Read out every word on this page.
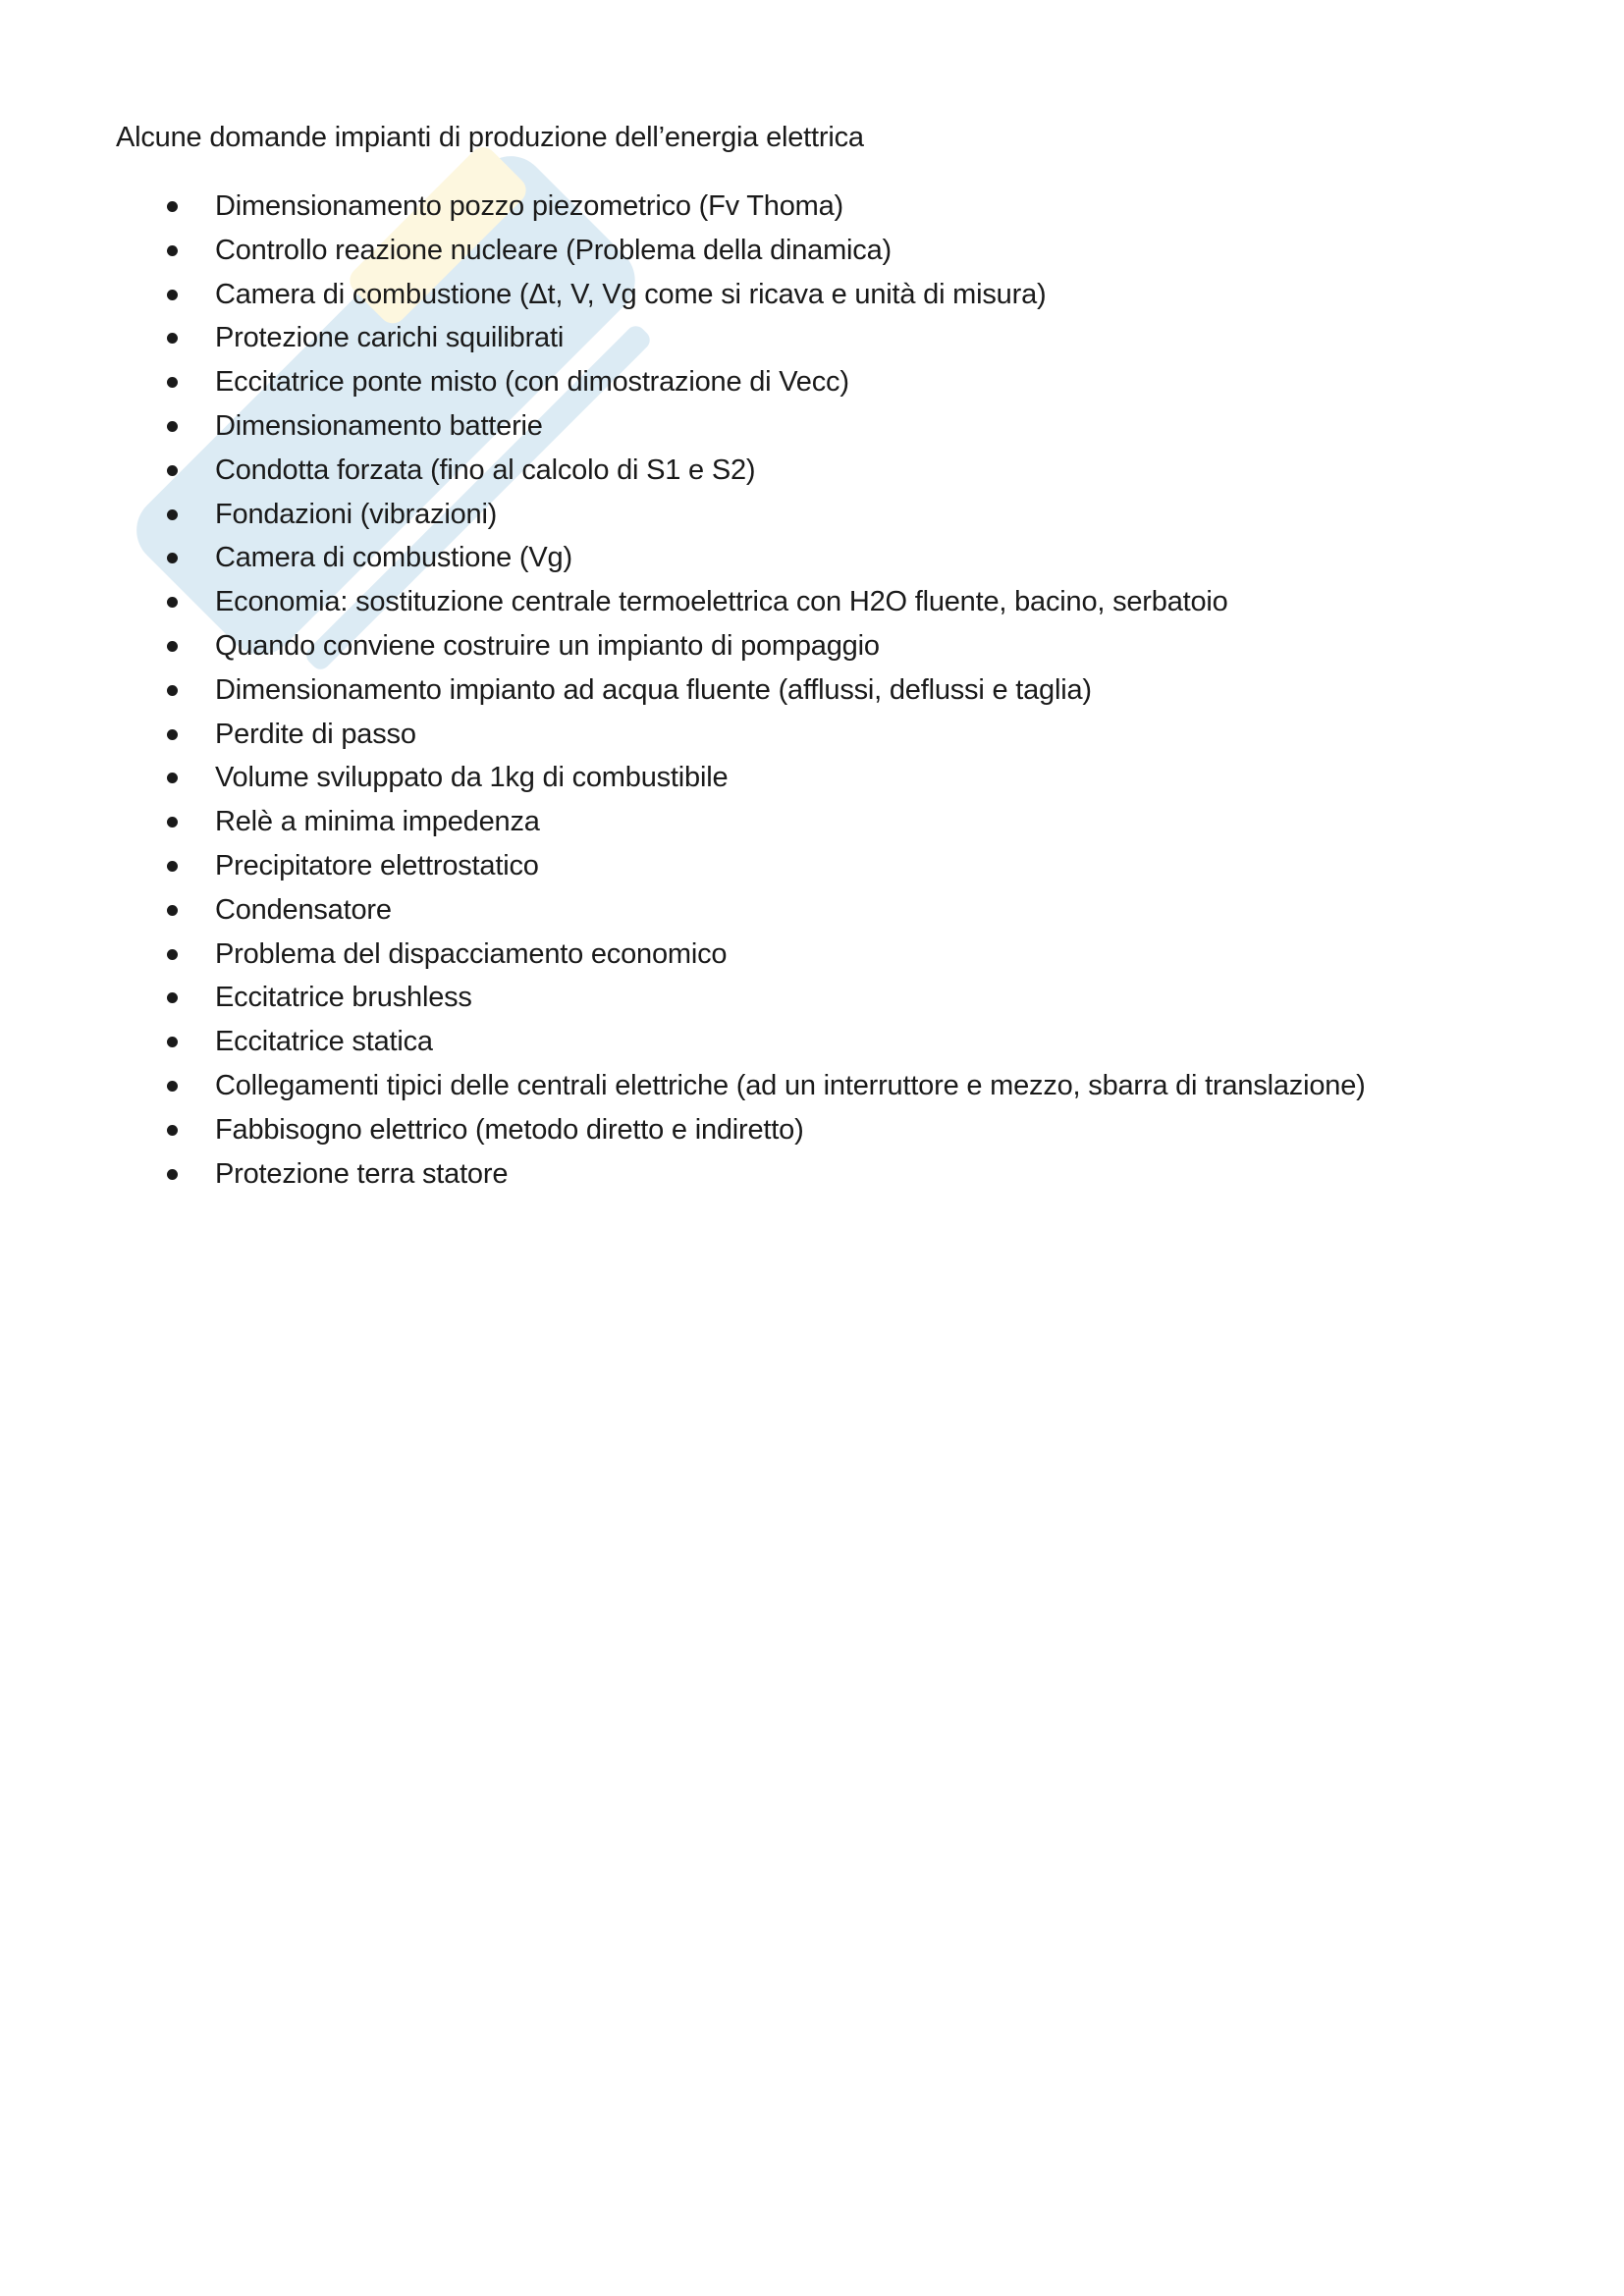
Alcune domande impianti di produzione dell’energia elettrica
Dimensionamento pozzo piezometrico (Fv Thoma)
Controllo reazione nucleare (Problema della dinamica)
Camera di combustione (Δt, V, Vg come si ricava e unità di misura)
Protezione carichi squilibrati
Eccitatrice ponte misto (con dimostrazione di Vecc)
Dimensionamento batterie
Condotta forzata (fino al calcolo di S1 e S2)
Fondazioni (vibrazioni)
Camera di combustione (Vg)
Economia: sostituzione centrale termoelettrica con H2O fluente, bacino, serbatoio
Quando conviene costruire un impianto di pompaggio
Dimensionamento impianto ad acqua fluente (afflussi, deflussi e taglia)
Perdite di passo
Volume sviluppato da 1kg di combustibile
Relè a minima impedenza
Precipitatore elettrostatico
Condensatore
Problema del dispacciamento economico
Eccitatrice brushless
Eccitatrice statica
Collegamenti tipici delle centrali elettriche (ad un interruttore e mezzo, sbarra di translazione)
Fabbisogno elettrico (metodo diretto e indiretto)
Protezione terra statore
